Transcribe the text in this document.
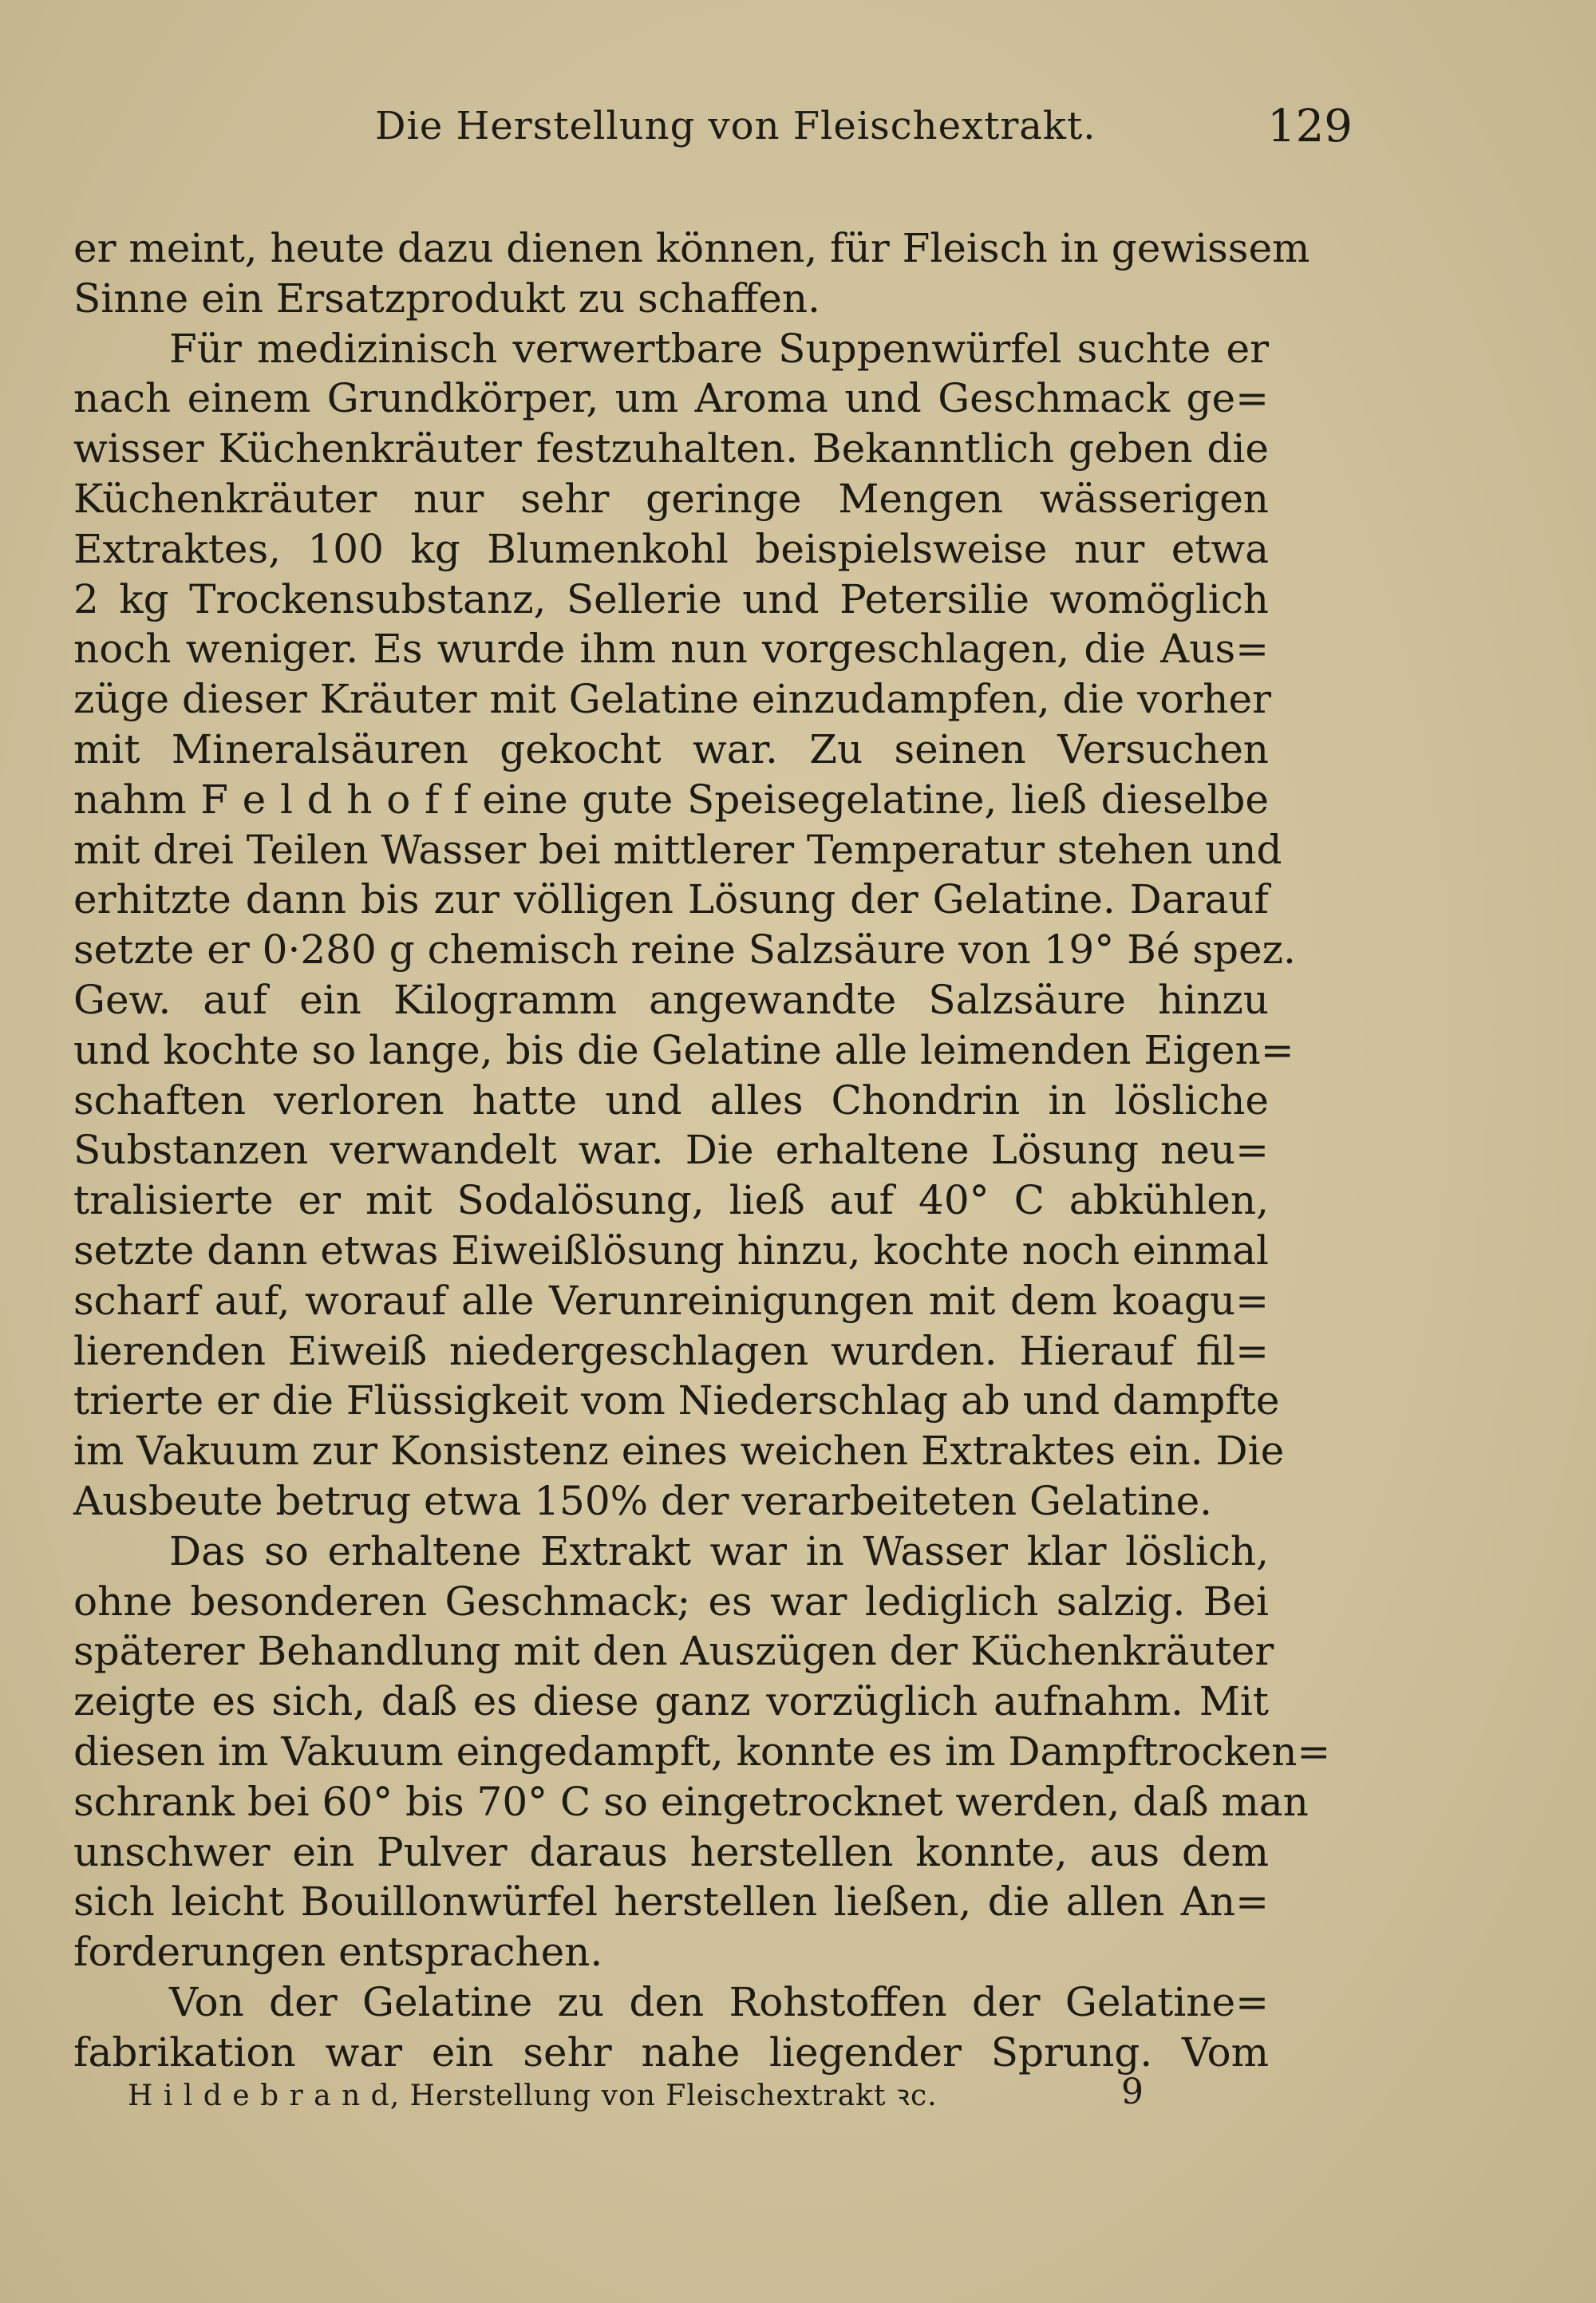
Die Herstellung von Fleischextrakt.	129
er meint, heute dazu dienen können, für Fleisch in gewissem
Sinne ein Ersatzprodukt zu schaffen.
Für medizinisch verwertbare Suppenwürfel suchte er
nach einem Grundkörper, um Aroma und Geschmack ge=
wisser Küchenkräuter festzuhalten. Bekanntlich geben die
Küchenkräuter nur sehr geringe Mengen wässerigen
Extraktes, 100 kg Blumenkohl beispielsweise nur etwa
2 kg Trockensubstanz, Sellerie und Petersilie womöglich
noch weniger. Es wurde ihm nun vorgeschlagen, die Aus=
züge dieser Kräuter mit Gelatine einzudampfen, die vorher
mit Mineralsäuren gekocht war. Zu seinen Versuchen
nahm F e l d h o f f eine gute Speisegelatine, ließ dieselbe
mit drei Teilen Wasser bei mittlerer Temperatur stehen und
erhitzte dann bis zur völligen Lösung der Gelatine. Darauf
setzte er 0·280 g chemisch reine Salzsäure von 19° Bé spez.
Gew. auf ein Kilogramm angewandte Salzsäure hinzu
und kochte so lange, bis die Gelatine alle leimenden Eigen=
schaften verloren hatte und alles Chondrin in lösliche
Substanzen verwandelt war. Die erhaltene Lösung neu=
tralisierte er mit Sodalösung, ließ auf 40° C abkühlen,
setzte dann etwas Eiweißlösung hinzu, kochte noch einmal
scharf auf, worauf alle Verunreinigungen mit dem koagu=
lierenden Eiweiß niedergeschlagen wurden. Hierauf fil=
trierte er die Flüssigkeit vom Niederschlag ab und dampfte
im Vakuum zur Konsistenz eines weichen Extraktes ein. Die
Ausbeute betrug etwa 150% der verarbeiteten Gelatine.
Das so erhaltene Extrakt war in Wasser klar löslich,
ohne besonderen Geschmack; es war lediglich salzig. Bei
späterer Behandlung mit den Auszügen der Küchenkräuter
zeigte es sich, daß es diese ganz vorzüglich aufnahm. Mit
diesen im Vakuum eingedampft, konnte es im Dampftrocken=
schrank bei 60° bis 70° C so eingetrocknet werden, daß man
unschwer ein Pulver daraus herstellen konnte, aus dem
sich leicht Bouillonwürfel herstellen ließen, die allen An=
forderungen entsprachen.
Von der Gelatine zu den Rohstoffen der Gelatine=
fabrikation war ein sehr nahe liegender Sprung. Vom
H i l d e b r a n d, Herstellung von Fleischextrakt ꝛc.	9
